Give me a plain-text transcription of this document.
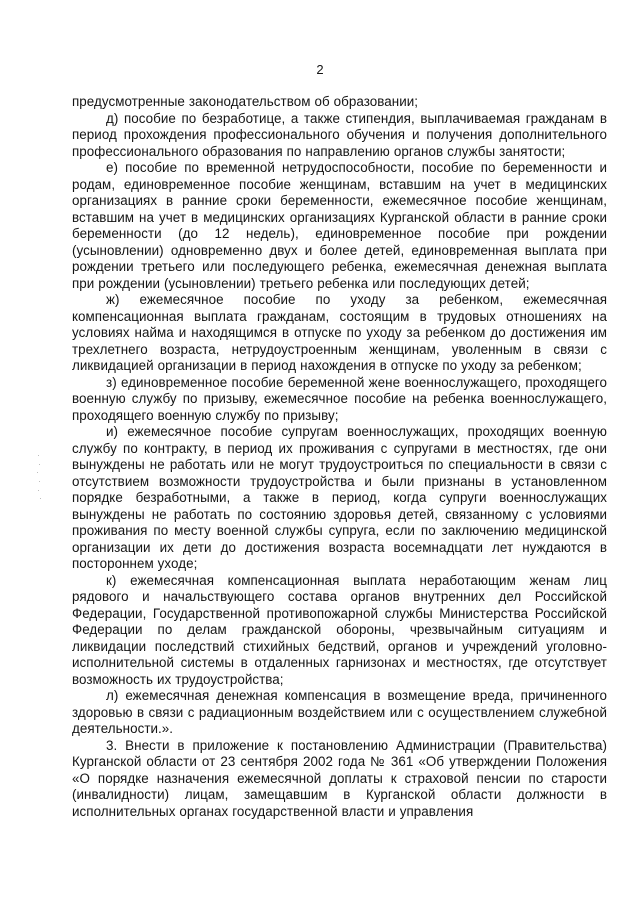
2

предусмотренные законодательством об образовании;

д) пособие по безработице, а также стипендия, выплачиваемая гражданам в период прохождения профессионального обучения и получения дополнительного профессионального образования по направлению органов службы занятости;

е) пособие по временной нетрудоспособности, пособие по беременности и родам, единовременное пособие женщинам, вставшим на учет в медицинских организациях в ранние сроки беременности, ежемесячное пособие женщинам, вставшим на учет в медицинских организациях Курганской области в ранние сроки беременности (до 12 недель), единовременное пособие при рождении (усыновлении) одновременно двух и более детей, единовременная выплата при рождении третьего или последующего ребенка, ежемесячная денежная выплата при рождении (усыновлении) третьего ребенка или последующих детей;

ж) ежемесячное пособие по уходу за ребенком, ежемесячная компенсационная выплата гражданам, состоящим в трудовых отношениях на условиях найма и находящимся в отпуске по уходу за ребенком до достижения им трехлетнего возраста, нетрудоустроенным женщинам, уволенным в связи с ликвидацией организации в период нахождения в отпуске по уходу за ребенком;

з) единовременное пособие беременной жене военнослужащего, проходящего военную службу по призыву, ежемесячное пособие на ребенка военнослужащего, проходящего военную службу по призыву;

и) ежемесячное пособие супругам военнослужащих, проходящих военную службу по контракту, в период их проживания с супругами в местностях, где они вынуждены не работать или не могут трудоустроиться по специальности в связи с отсутствием возможности трудоустройства и были признаны в установленном порядке безработными, а также в период, когда супруги военнослужащих вынуждены не работать по состоянию здоровья детей, связанному с условиями проживания по месту военной службы супруга, если по заключению медицинской организации их дети до достижения возраста восемнадцати лет нуждаются в постороннем уходе;

к) ежемесячная компенсационная выплата неработающим женам лиц рядового и начальствующего состава органов внутренних дел Российской Федерации, Государственной противопожарной службы Министерства Российской Федерации по делам гражданской обороны, чрезвычайным ситуациям и ликвидации последствий стихийных бедствий, органов и учреждений уголовно-исполнительной системы в отдаленных гарнизонах и местностях, где отсутствует возможность их трудоустройства;

л) ежемесячная денежная компенсация в возмещение вреда, причиненного здоровью в связи с радиационным воздействием или с осуществлением служебной деятельности.».

3. Внести в приложение к постановлению Администрации (Правительства) Курганской области от 23 сентября 2002 года № 361 «Об утверждении Положения «О порядке назначения ежемесячной доплаты к страховой пенсии по старости (инвалидности) лицам, замещавшим в Курганской области должности в исполнительных органах государственной власти и управления
